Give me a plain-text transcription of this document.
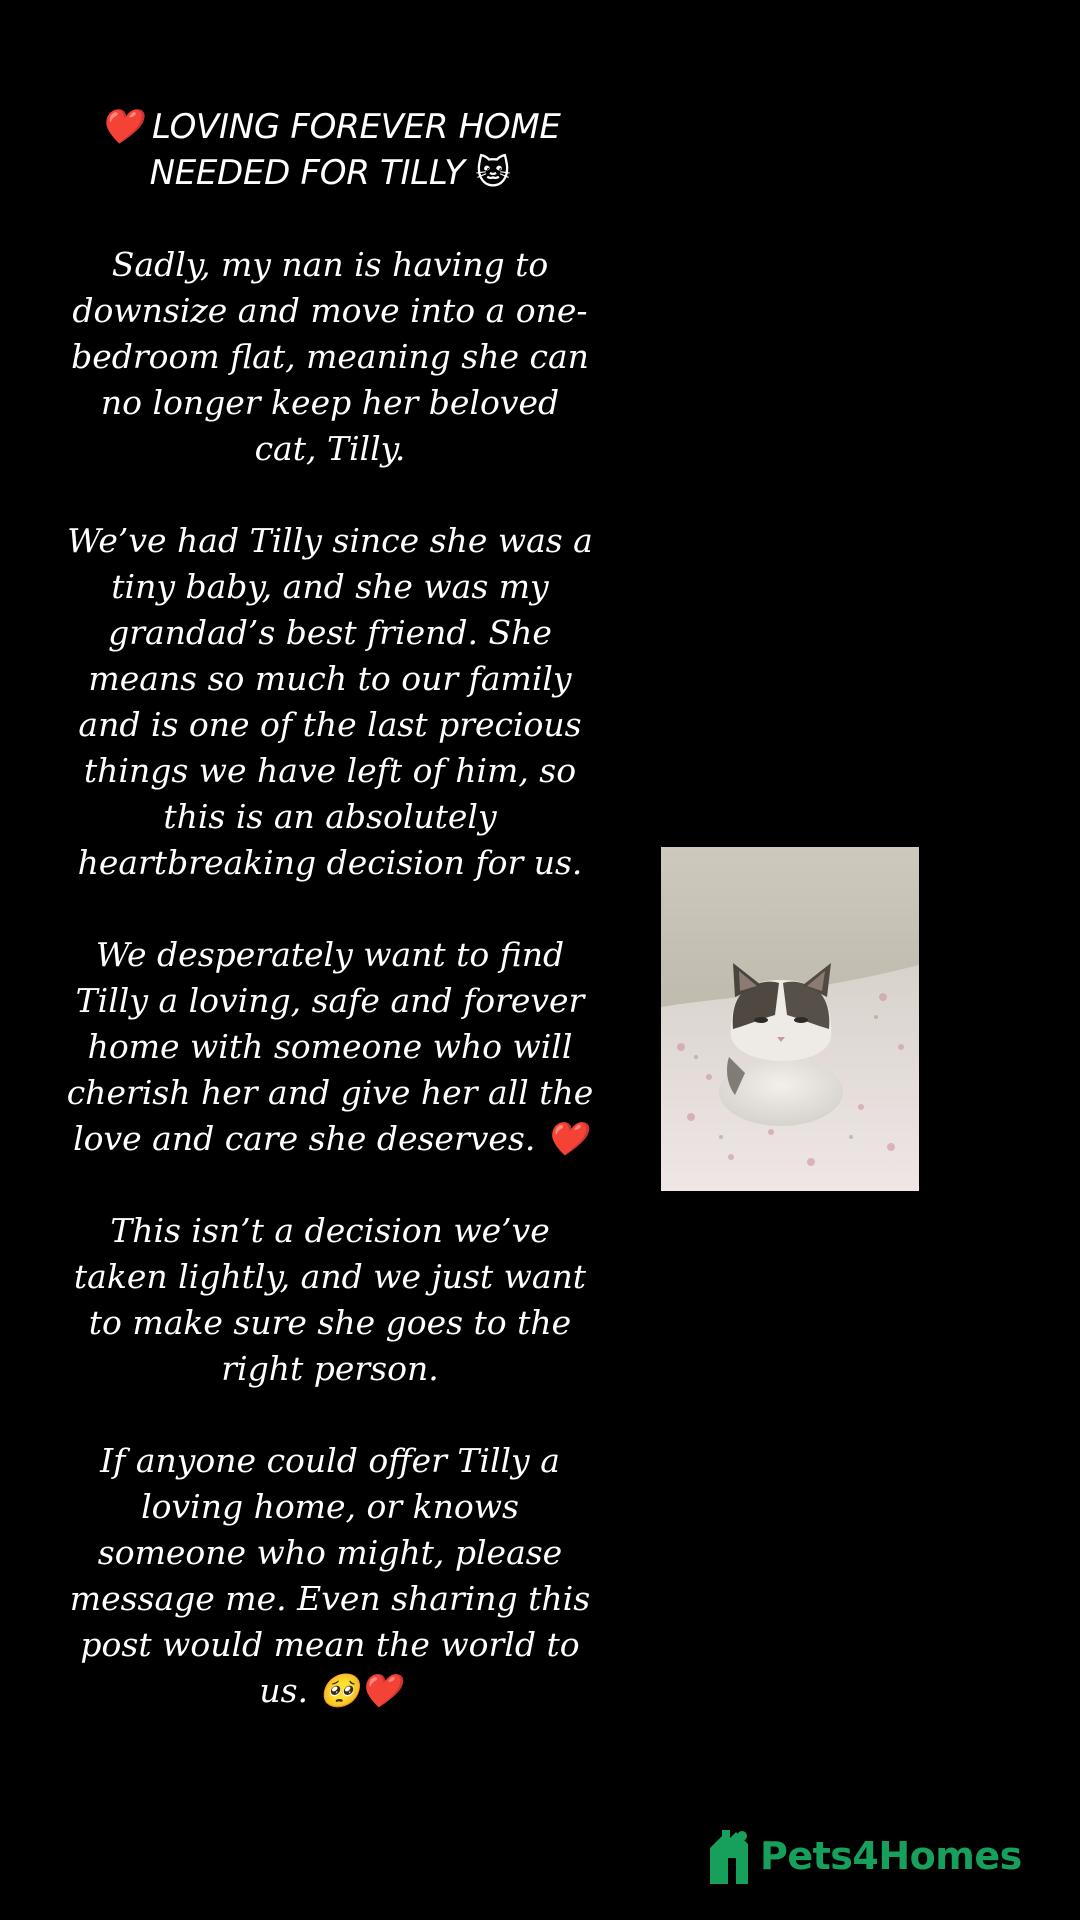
❤️ LOVING FOREVER HOME NEEDED FOR TILLY 🐱

Sadly, my nan is having to downsize and move into a one-bedroom flat, meaning she can no longer keep her beloved cat, Tilly.

We’ve had Tilly since she was a tiny baby, and she was my grandad’s best friend. She means so much to our family and is one of the last precious things we have left of him, so this is an absolutely heartbreaking decision for us.

We desperately want to find Tilly a loving, safe and forever home with someone who will cherish her and give her all the love and care she deserves. ❤️

This isn’t a decision we’ve taken lightly, and we just want to make sure she goes to the right person.

If anyone could offer Tilly a loving home, or knows someone who might, please message me. Even sharing this post would mean the world to us. 🥺❤️

Pets4Homes
